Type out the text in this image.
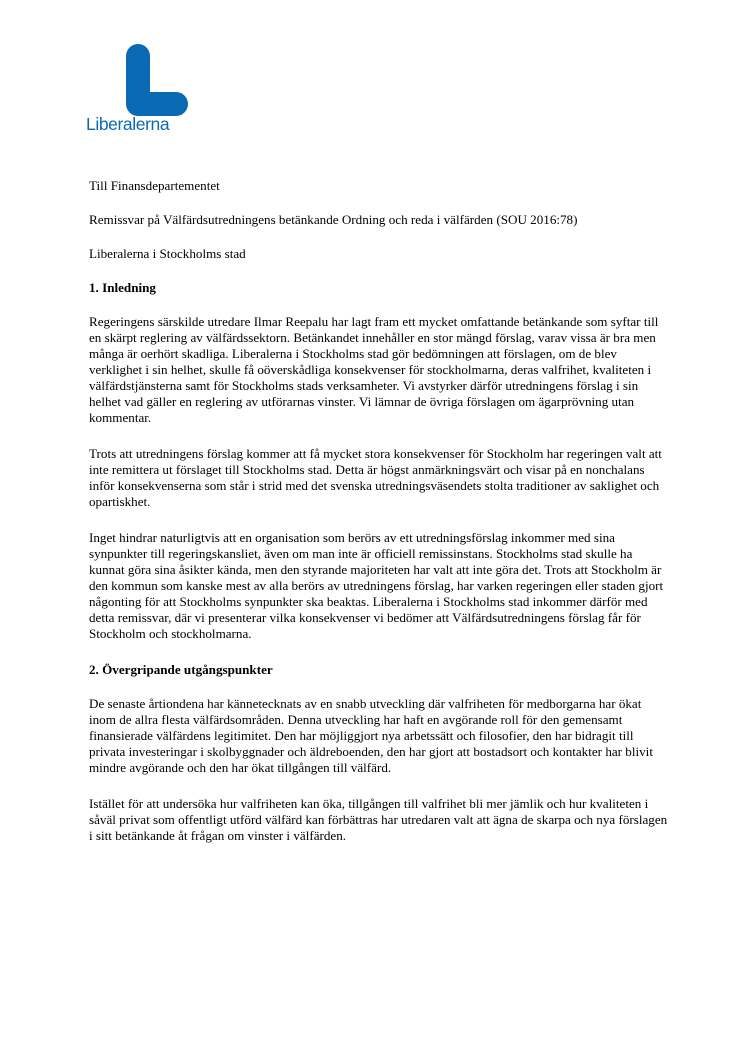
Liberalerna

Till Finansdepartementet

Remissvar på Välfärdsutredningens betänkande Ordning och reda i välfärden (SOU 2016:78)

Liberalerna i Stockholms stad

1. Inledning

Regeringens särskilde utredare Ilmar Reepalu har lagt fram ett mycket omfattande betänkande som syftar till en skärpt reglering av välfärdssektorn. Betänkandet innehåller en stor mängd förslag, varav vissa är bra men många är oerhört skadliga. Liberalerna i Stockholms stad gör bedömningen att förslagen, om de blev verklighet i sin helhet, skulle få oöverskådliga konsekvenser för stockholmarna, deras valfrihet, kvaliteten i välfärdstjänsterna samt för Stockholms stads verksamheter. Vi avstyrker därför utredningens förslag i sin helhet vad gäller en reglering av utförarnas vinster. Vi lämnar de övriga förslagen om ägarprövning utan kommentar.

Trots att utredningens förslag kommer att få mycket stora konsekvenser för Stockholm har regeringen valt att inte remittera ut förslaget till Stockholms stad. Detta är högst anmärkningsvärt och visar på en nonchalans inför konsekvenserna som står i strid med det svenska utredningsväsendets stolta traditioner av saklighet och opartiskhet.

Inget hindrar naturligtvis att en organisation som berörs av ett utredningsförslag inkommer med sina synpunkter till regeringskansliet, även om man inte är officiell remissinstans. Stockholms stad skulle ha kunnat göra sina åsikter kända, men den styrande majoriteten har valt att inte göra det. Trots att Stockholm är den kommun som kanske mest av alla berörs av utredningens förslag, har varken regeringen eller staden gjort någonting för att Stockholms synpunkter ska beaktas. Liberalerna i Stockholms stad inkommer därför med detta remissvar, där vi presenterar vilka konsekvenser vi bedömer att Välfärdsutredningens förslag får för Stockholm och stockholmarna.

2. Övergripande utgångspunkter

De senaste årtiondena har kännetecknats av en snabb utveckling där valfriheten för medborgarna har ökat inom de allra flesta välfärdsområden. Denna utveckling har haft en avgörande roll för den gemensamt finansierade välfärdens legitimitet. Den har möjliggjort nya arbetssätt och filosofier, den har bidragit till privata investeringar i skolbyggnader och äldreboenden, den har gjort att bostadsort och kontakter har blivit mindre avgörande och den har ökat tillgången till välfärd.

Istället för att undersöka hur valfriheten kan öka, tillgången till valfrihet bli mer jämlik och hur kvaliteten i såväl privat som offentligt utförd välfärd kan förbättras har utredaren valt att ägna de skarpa och nya förslagen i sitt betänkande åt frågan om vinster i välfärden.
